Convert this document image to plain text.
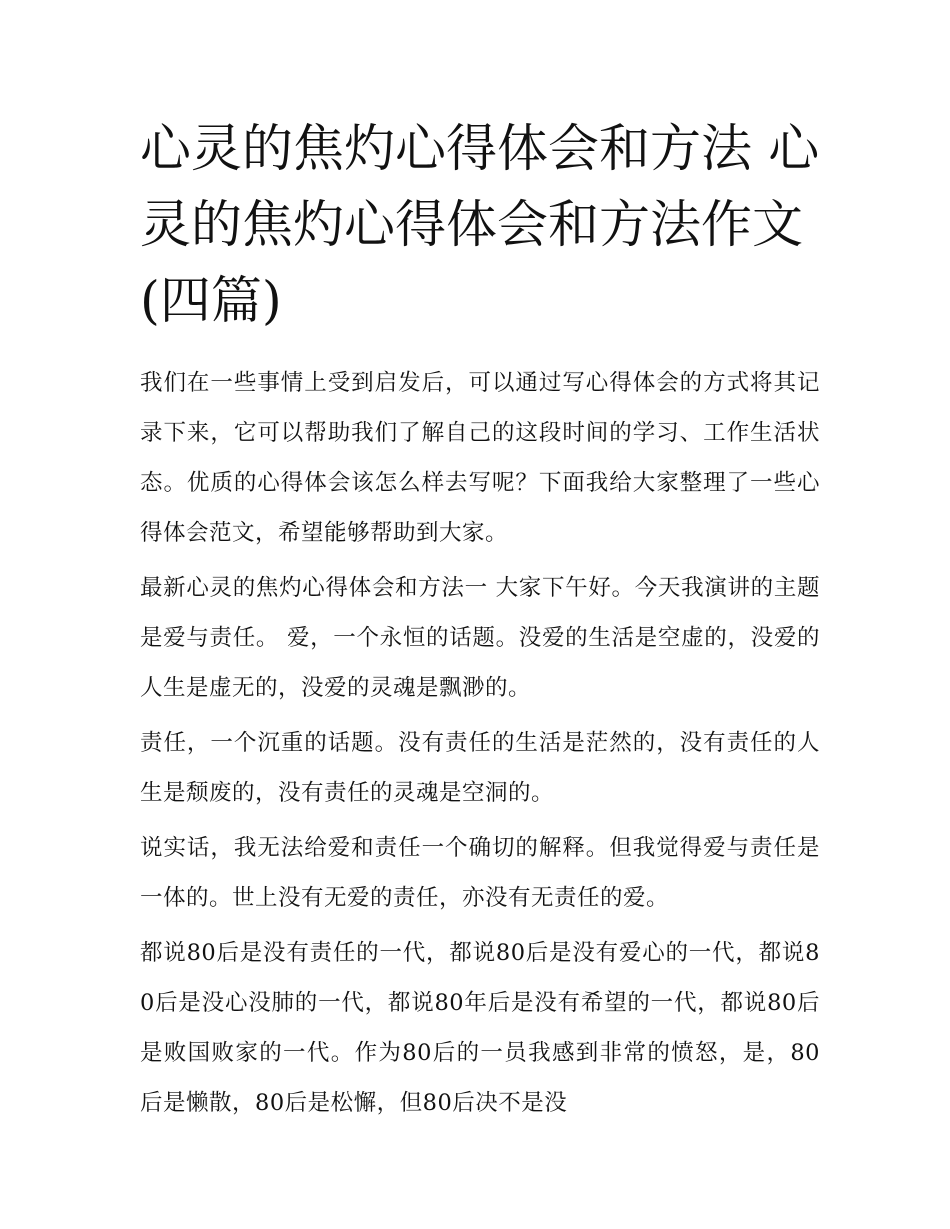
心灵的焦灼心得体会和方法 心灵的焦灼心得体会和方法作文(四篇)

我们在一些事情上受到启发后，可以通过写心得体会的方式将其记录下来，它可以帮助我们了解自己的这段时间的学习、工作生活状态。优质的心得体会该怎么样去写呢？下面我给大家整理了一些心得体会范文，希望能够帮助到大家。

最新心灵的焦灼心得体会和方法一 大家下午好。今天我演讲的主题是爱与责任。 爱，一个永恒的话题。没爱的生活是空虚的，没爱的人生是虚无的，没爱的灵魂是飘渺的。

责任，一个沉重的话题。没有责任的生活是茫然的，没有责任的人生是颓废的，没有责任的灵魂是空洞的。

说实话，我无法给爱和责任一个确切的解释。但我觉得爱与责任是一体的。世上没有无爱的责任，亦没有无责任的爱。

都说80后是没有责任的一代，都说80后是没有爱心的一代，都说80后是没心没肺的一代，都说80年后是没有希望的一代，都说80后是败国败家的一代。作为80后的一员我感到非常的愤怒，是，80后是懒散，80后是松懈，但80后决不是没
